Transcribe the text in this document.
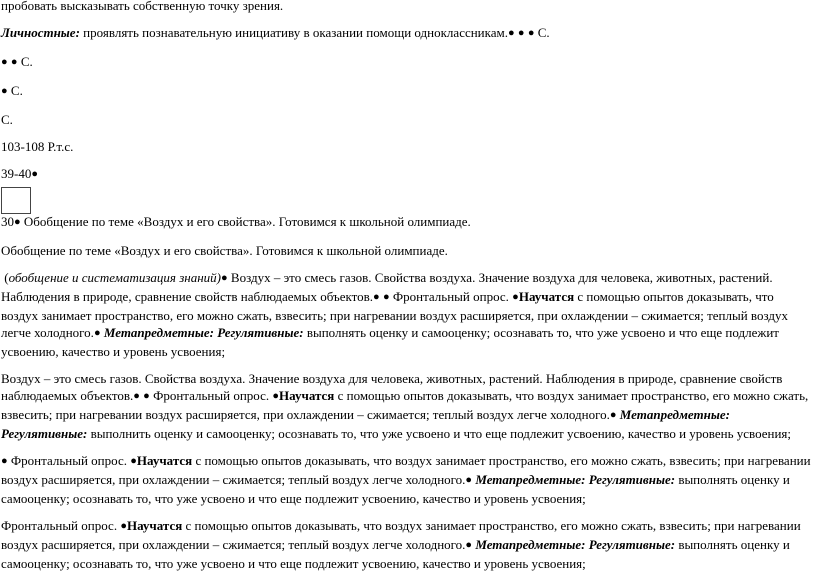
пробовать высказывать собственную точку зрения.

Личностные: проявлять познавательную инициативу в оказании помощи одноклассникам.● ● ● С.

● ● С.

● С.

С.

103-108 Р.т.с.

39-40●

30● Обобщение по теме «Воздух и его свойства». Готовимся к школьной олимпиаде.

Обобщение по теме «Воздух и его свойства». Готовимся к школьной олимпиаде.

(обобщение и систематизация знаний)● Воздух – это смесь газов. Свойства воздуха. Значение воздуха для человека, животных, растений. Наблюдения в природе, сравнение свойств наблюдаемых объектов.● ● Фронтальный опрос. ●Научатся с помощью опытов доказывать, что воздух занимает пространство, его можно сжать, взвесить; при нагревании воздух расширяется, при охлаждении – сжимается; теплый воздух легче холодного.● Метапредметные: Регулятивные: выполнять оценку и самооценку; осознавать то, что уже усвоено и что еще подлежит усвоению, качество и уровень усвоения;

Воздух – это смесь газов. Свойства воздуха. Значение воздуха для человека, животных, растений. Наблюдения в природе, сравнение свойств наблюдаемых объектов.● ● Фронтальный опрос. ●Научатся с помощью опытов доказывать, что воздух занимает пространство, его можно сжать, взвесить; при нагревании воздух расширяется, при охлаждении – сжимается; теплый воздух легче холодного.● Метапредметные: Регулятивные: выполнить оценку и самооценку; осознавать то, что уже усвоено и что еще подлежит усвоению, качество и уровень усвоения;

● Фронтальный опрос. ●Научатся с помощью опытов доказывать, что воздух занимает пространство, его можно сжать, взвесить; при нагревании воздух расширяется, при охлаждении – сжимается; теплый воздух легче холодного.● Метапредметные: Регулятивные: выполнять оценку и самооценку; осознавать то, что уже усвоено и что еще подлежит усвоению, качество и уровень усвоения;

Фронтальный опрос. ●Научатся с помощью опытов доказывать, что воздух занимает пространство, его можно сжать, взвесить; при нагревании воздух расширяется, при охлаждении – сжимается; теплый воздух легче холодного.● Метапредметные: Регулятивные: выполнять оценку и самооценку; осознавать то, что уже усвоено и что еще подлежит усвоению, качество и уровень усвоения;
